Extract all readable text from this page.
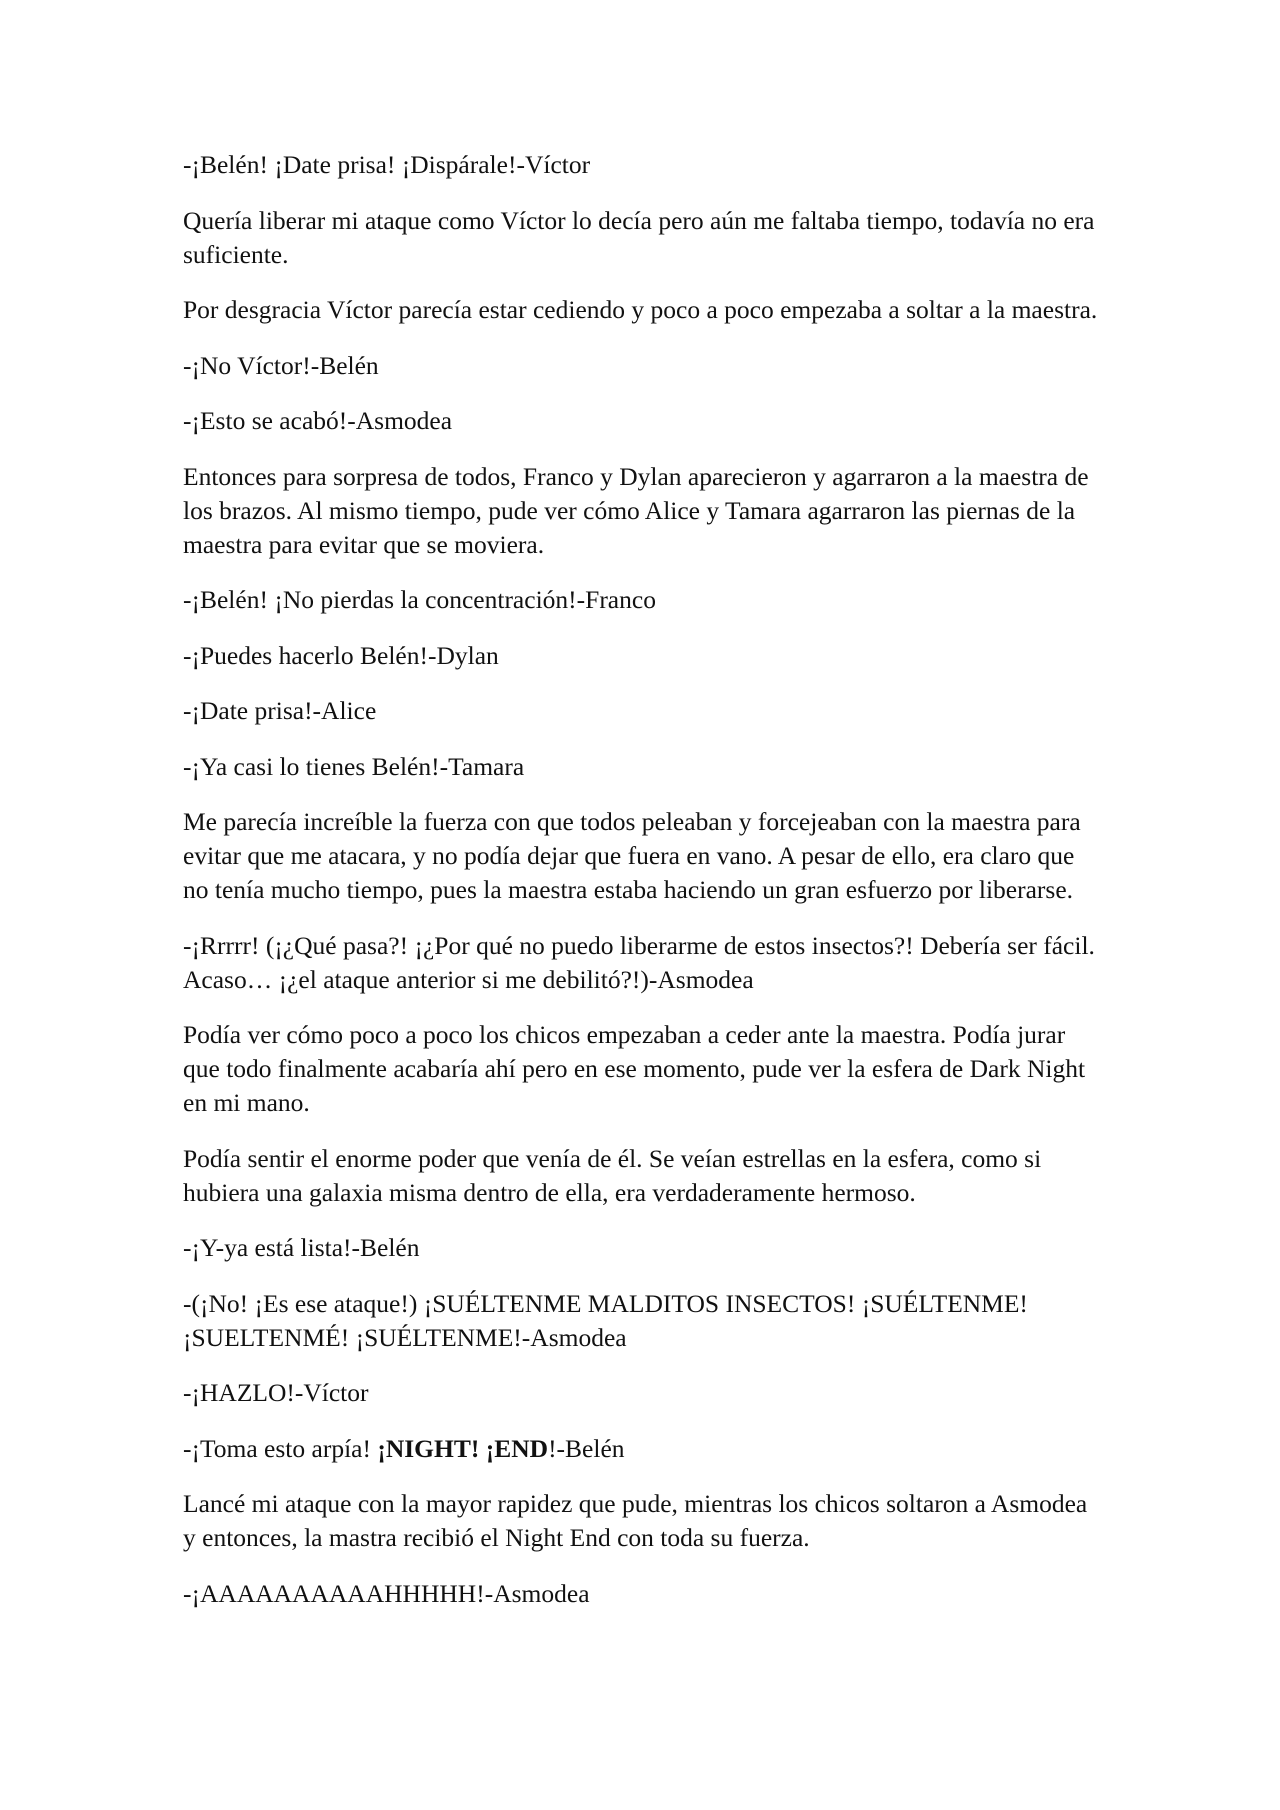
-¡Belén! ¡Date prisa! ¡Dispárale!-Víctor

Quería liberar mi ataque como Víctor lo decía pero aún me faltaba tiempo, todavía no era suficiente.

Por desgracia Víctor parecía estar cediendo y poco a poco empezaba a soltar a la maestra.

-¡No Víctor!-Belén

-¡Esto se acabó!-Asmodea

Entonces para sorpresa de todos, Franco y Dylan aparecieron y agarraron a la maestra de los brazos. Al mismo tiempo, pude ver cómo Alice y Tamara agarraron las piernas de la maestra para evitar que se moviera.

-¡Belén! ¡No pierdas la concentración!-Franco

-¡Puedes hacerlo Belén!-Dylan

-¡Date prisa!-Alice

-¡Ya casi lo tienes Belén!-Tamara

Me parecía increíble la fuerza con que todos peleaban y forcejeaban con la maestra para evitar que me atacara, y no podía dejar que fuera en vano. A pesar de ello, era claro que no tenía mucho tiempo, pues la maestra estaba haciendo un gran esfuerzo por liberarse.

-¡Rrrrr! (¡¿Qué pasa?! ¡¿Por qué no puedo liberarme de estos insectos?! Debería ser fácil. Acaso… ¡¿el ataque anterior si me debilitó?!)-Asmodea

Podía ver cómo poco a poco los chicos empezaban a ceder ante la maestra. Podía jurar que todo finalmente acabaría ahí pero en ese momento, pude ver la esfera de Dark Night en mi mano.

Podía sentir el enorme poder que venía de él. Se veían estrellas en la esfera, como si hubiera una galaxia misma dentro de ella, era verdaderamente hermoso.

-¡Y-ya está lista!-Belén

-(¡No! ¡Es ese ataque!) ¡SUÉLTENME MALDITOS INSECTOS! ¡SUÉLTENME! ¡SUELTENMÉ! ¡SUÉLTENME!-Asmodea

-¡HAZLO!-Víctor

-¡Toma esto arpía! ¡NIGHT! ¡END!-Belén

Lancé mi ataque con la mayor rapidez que pude, mientras los chicos soltaron a Asmodea y entonces, la mastra recibió el Night End con toda su fuerza.

-¡AAAAAAAAAAHHHHH!-Asmodea
